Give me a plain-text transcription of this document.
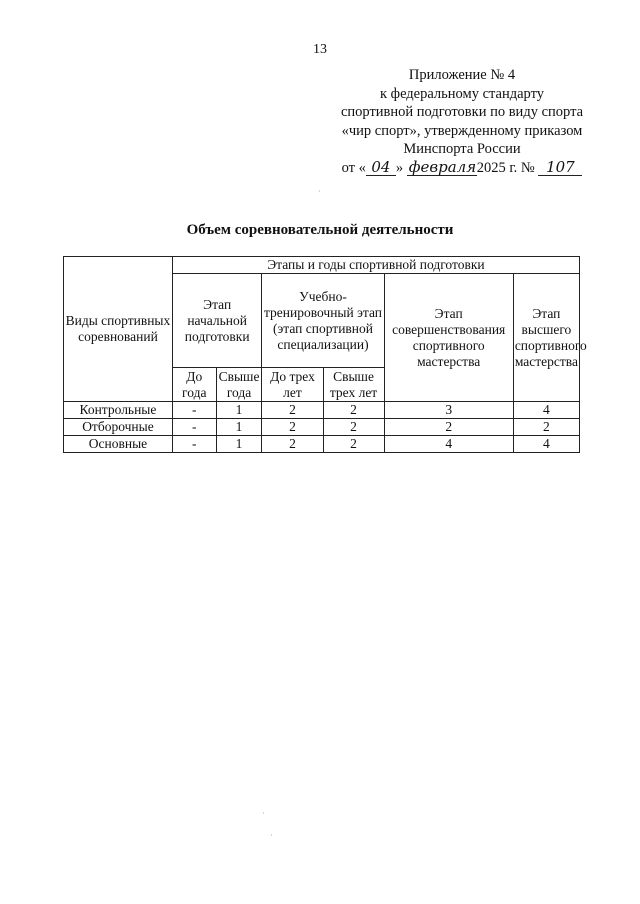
13
Приложение № 4
к федеральному стандарту
спортивной подготовки по виду спорта
«чир спорт», утвержденному приказом
Минспорта России
от « 04 » февраля2025 г. № 107
Объем соревновательной деятельности
Виды спортивных соревнований	Этапы и годы спортивной подготовки					
	Этап начальной подготовки		Учебно-тренировочный этап (этап спортивной специализации)		Этап совершенствования спортивного мастерства	Этап высшего спортивного мастерства
	До года	Свыше года	До трех лет	Свыше трех лет		
Контрольные	-	1	2	2	3	4
Отборочные	-	1	2	2	2	2
Основные	-	1	2	2	4	4
·
·
·
